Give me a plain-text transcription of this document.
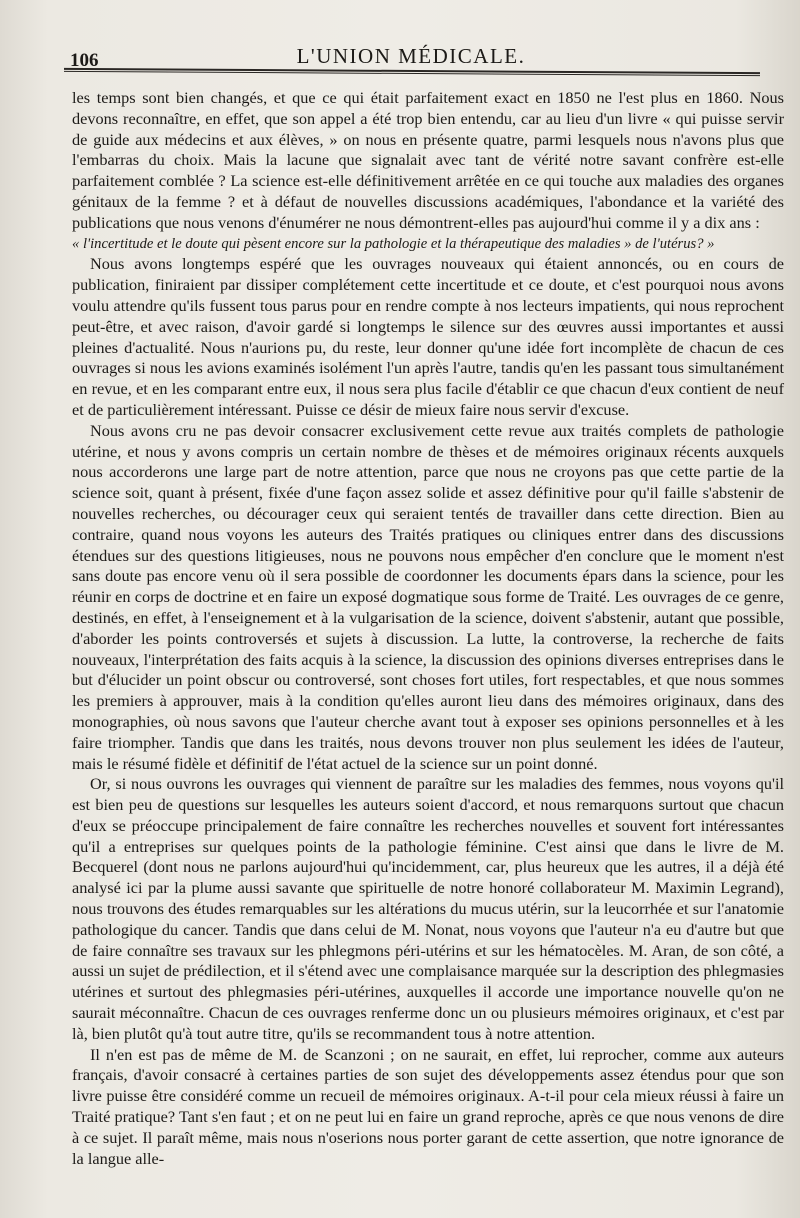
106	L'UNION MÉDICALE.

les temps sont bien changés, et que ce qui était parfaitement exact en 1850 ne l'est plus en 1860. Nous devons reconnaître, en effet, que son appel a été trop bien entendu, car au lieu d'un livre « qui puisse servir de guide aux médecins et aux élèves, » on nous en présente quatre, parmi lesquels nous n'avons plus que l'embarras du choix. Mais la lacune que signalait avec tant de vérité notre savant confrère est-elle parfaitement comblée ? La science est-elle définitivement arrêtée en ce qui touche aux maladies des organes génitaux de la femme ? et à défaut de nouvelles discussions académiques, l'abondance et la variété des publications que nous venons d'énumérer ne nous démontrent-elles pas aujourd'hui comme il y a dix ans :

« l'incertitude et le doute qui pèsent encore sur la pathologie et la thérapeutique des maladies » de l'utérus? »

Nous avons longtemps espéré que les ouvrages nouveaux qui étaient annoncés, ou en cours de publication, finiraient par dissiper complétement cette incertitude et ce doute, et c'est pourquoi nous avons voulu attendre qu'ils fussent tous parus pour en rendre compte à nos lecteurs impatients, qui nous reprochent peut-être, et avec raison, d'avoir gardé si longtemps le silence sur des œuvres aussi importantes et aussi pleines d'actualité. Nous n'aurions pu, du reste, leur donner qu'une idée fort incomplète de chacun de ces ouvrages si nous les avions examinés isolément l'un après l'autre, tandis qu'en les passant tous simultanément en revue, et en les comparant entre eux, il nous sera plus facile d'établir ce que chacun d'eux contient de neuf et de particulièrement intéressant. Puisse ce désir de mieux faire nous servir d'excuse.

Nous avons cru ne pas devoir consacrer exclusivement cette revue aux traités complets de pathologie utérine, et nous y avons compris un certain nombre de thèses et de mémoires originaux récents auxquels nous accorderons une large part de notre attention, parce que nous ne croyons pas que cette partie de la science soit, quant à présent, fixée d'une façon assez solide et assez définitive pour qu'il faille s'abstenir de nouvelles recherches, ou décourager ceux qui seraient tentés de travailler dans cette direction. Bien au contraire, quand nous voyons les auteurs des Traités pratiques ou cliniques entrer dans des discussions étendues sur des questions litigieuses, nous ne pouvons nous empêcher d'en conclure que le moment n'est sans doute pas encore venu où il sera possible de coordonner les documents épars dans la science, pour les réunir en corps de doctrine et en faire un exposé dogmatique sous forme de Traité. Les ouvrages de ce genre, destinés, en effet, à l'enseignement et à la vulgarisation de la science, doivent s'abstenir, autant que possible, d'aborder les points controversés et sujets à discussion. La lutte, la controverse, la recherche de faits nouveaux, l'interprétation des faits acquis à la science, la discussion des opinions diverses entreprises dans le but d'élucider un point obscur ou controversé, sont choses fort utiles, fort respectables, et que nous sommes les premiers à approuver, mais à la condition qu'elles auront lieu dans des mémoires originaux, dans des monographies, où nous savons que l'auteur cherche avant tout à exposer ses opinions personnelles et à les faire triompher. Tandis que dans les traités, nous devons trouver non plus seulement les idées de l'auteur, mais le résumé fidèle et définitif de l'état actuel de la science sur un point donné.

Or, si nous ouvrons les ouvrages qui viennent de paraître sur les maladies des femmes, nous voyons qu'il est bien peu de questions sur lesquelles les auteurs soient d'accord, et nous remarquons surtout que chacun d'eux se préoccupe principalement de faire connaître les recherches nouvelles et souvent fort intéressantes qu'il a entreprises sur quelques points de la pathologie féminine. C'est ainsi que dans le livre de M. Becquerel (dont nous ne parlons aujourd'hui qu'incidemment, car, plus heureux que les autres, il a déjà été analysé ici par la plume aussi savante que spirituelle de notre honoré collaborateur M. Maximin Legrand), nous trouvons des études remarquables sur les altérations du mucus utérin, sur la leucorrhée et sur l'anatomie pathologique du cancer. Tandis que dans celui de M. Nonat, nous voyons que l'auteur n'a eu d'autre but que de faire connaître ses travaux sur les phlegmons péri-utérins et sur les hématocèles. M. Aran, de son côté, a aussi un sujet de prédilection, et il s'étend avec une complaisance marquée sur la description des phlegmasies utérines et surtout des phlegmasies péri-utérines, auxquelles il accorde une importance nouvelle qu'on ne saurait méconnaître. Chacun de ces ouvrages renferme donc un ou plusieurs mémoires originaux, et c'est par là, bien plutôt qu'à tout autre titre, qu'ils se recommandent tous à notre attention.

Il n'en est pas de même de M. de Scanzoni ; on ne saurait, en effet, lui reprocher, comme aux auteurs français, d'avoir consacré à certaines parties de son sujet des développements assez étendus pour que son livre puisse être considéré comme un recueil de mémoires originaux. A-t-il pour cela mieux réussi à faire un Traité pratique? Tant s'en faut ; et on ne peut lui en faire un grand reproche, après ce que nous venons de dire à ce sujet. Il paraît même, mais nous n'oserions nous porter garant de cette assertion, que notre ignorance de la langue alle-
